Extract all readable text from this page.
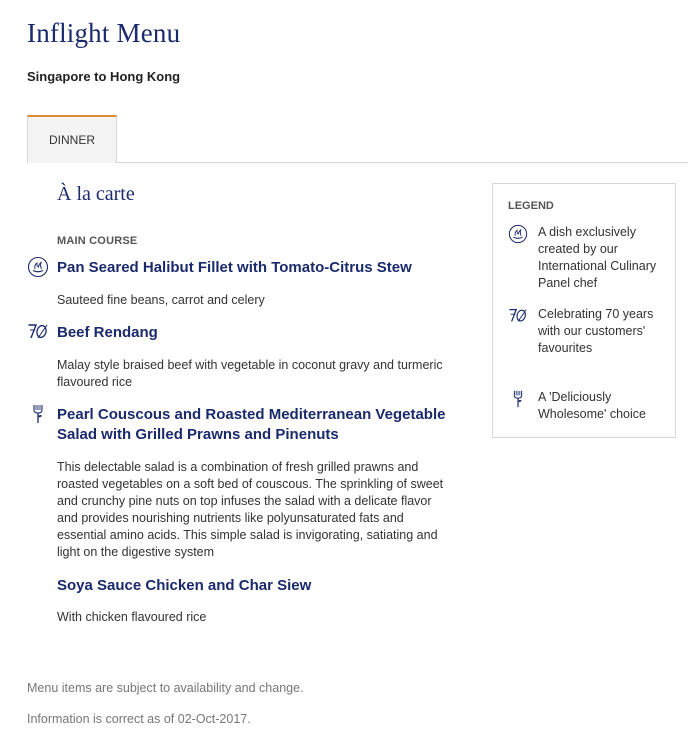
Inflight Menu
Singapore to Hong Kong
DINNER
À la carte
MAIN COURSE
Pan Seared Halibut Fillet with Tomato-Citrus Stew
Sauteed fine beans, carrot and celery
Beef Rendang
Malay style braised beef with vegetable in coconut gravy and turmeric flavoured rice
Pearl Couscous and Roasted Mediterranean Vegetable Salad with Grilled Prawns and Pinenuts
This delectable salad is a combination of fresh grilled prawns and roasted vegetables on a soft bed of couscous. The sprinkling of sweet and crunchy pine nuts on top infuses the salad with a delicate flavor and provides nourishing nutrients like polyunsaturated fats and essential amino acids. This simple salad is invigorating, satiating and light on the digestive system
Soya Sauce Chicken and Char Siew
With chicken flavoured rice
LEGEND
A dish exclusively created by our International Culinary Panel chef
Celebrating 70 years with our customers' favourites
A 'Deliciously Wholesome' choice
Menu items are subject to availability and change.
Information is correct as of 02-Oct-2017.
